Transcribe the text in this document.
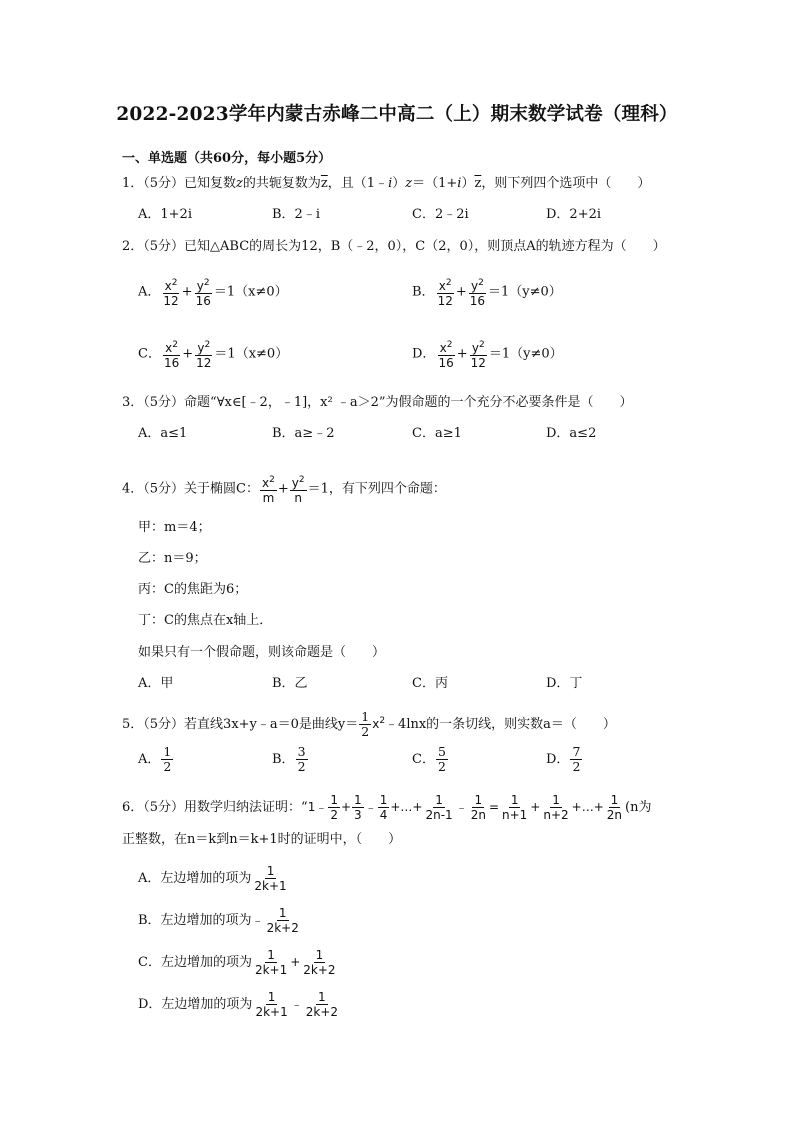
2022-2023学年内蒙古赤峰二中高二（上）期末数学试卷（理科）
一、单选题（共60分，每小题5分）
1．（5分）已知复数z的共轭复数为$\overline{z}$，且$(1﹣i)z=(1+i)\overline{z}$，则下列四个选项中（　　）
A．1+2i	B．2﹣i	C．2﹣2i	D．2+2i
2．（5分）已知△ABC的周长为12，B（﹣2，0），C（2，0），则顶点A的轨迹方程为（　　）
A． $\frac{x^2}{12} + \frac{y^2}{16} =1(x\ne 0)$	B． $\frac{x^2}{12} + \frac{y^2}{16} =1(y\ne 0)$
C． $\frac{x^2}{16} + \frac{y^2}{12} =1(x\ne 0)$	D． $\frac{x^2}{16} + \frac{y^2}{12} =1(y\ne 0)$
3．（5分）命题“∀x∈[﹣2，﹣1]，x² ﹣a＞2”为假命题的一个充分不必要条件是（　　）
A．a≤1	B．a≥﹣2	C．a≥1	D．a≤2
4．（5分）关于椭圆C： $\frac{x^2}{m} + \frac{y^2}{n} =1$，有下列四个命题：
甲：m＝4；
乙：n＝9；
丙：C的焦距为6；
丁：C的焦点在x轴上．
如果只有一个假命题，则该命题是（　　）
A．甲	B．乙	C．丙	D．丁
5．（5分）若直线3x+y﹣a＝0是曲线$y= \frac{1}{2}$ $x^2﹣4\ln x$的一条切线，则实数a＝（　　）
A． $\frac{1}{2}$	B． $\frac{3}{2}$	C． $\frac{5}{2}$	D． $\frac{7}{2}$
6．（5分）用数学归纳法证明：“1﹣ $\frac{1}{2} + \frac{1}{3}$ ﹣ $\frac{1}{4}$ +…+ $\frac{1}{2n-1}$ ﹣ $\frac{1}{2n} = \frac{1}{n+1} + \frac{1}{n+2}$ +…+ $\frac{1}{2n} (n$为
正整数，在n＝k到n＝k+1时的证明中，（　　）
A．左边增加的项为 $\frac{1}{2k+1}$
B．左边增加的项为﹣ $\frac{1}{2k+2}$
C．左边增加的项为 $\frac{1}{2k+1} + \frac{1}{2k+2}$
D．左边增加的项为 $\frac{1}{2k+1}$ ﹣ $\frac{1}{2k+2}$
